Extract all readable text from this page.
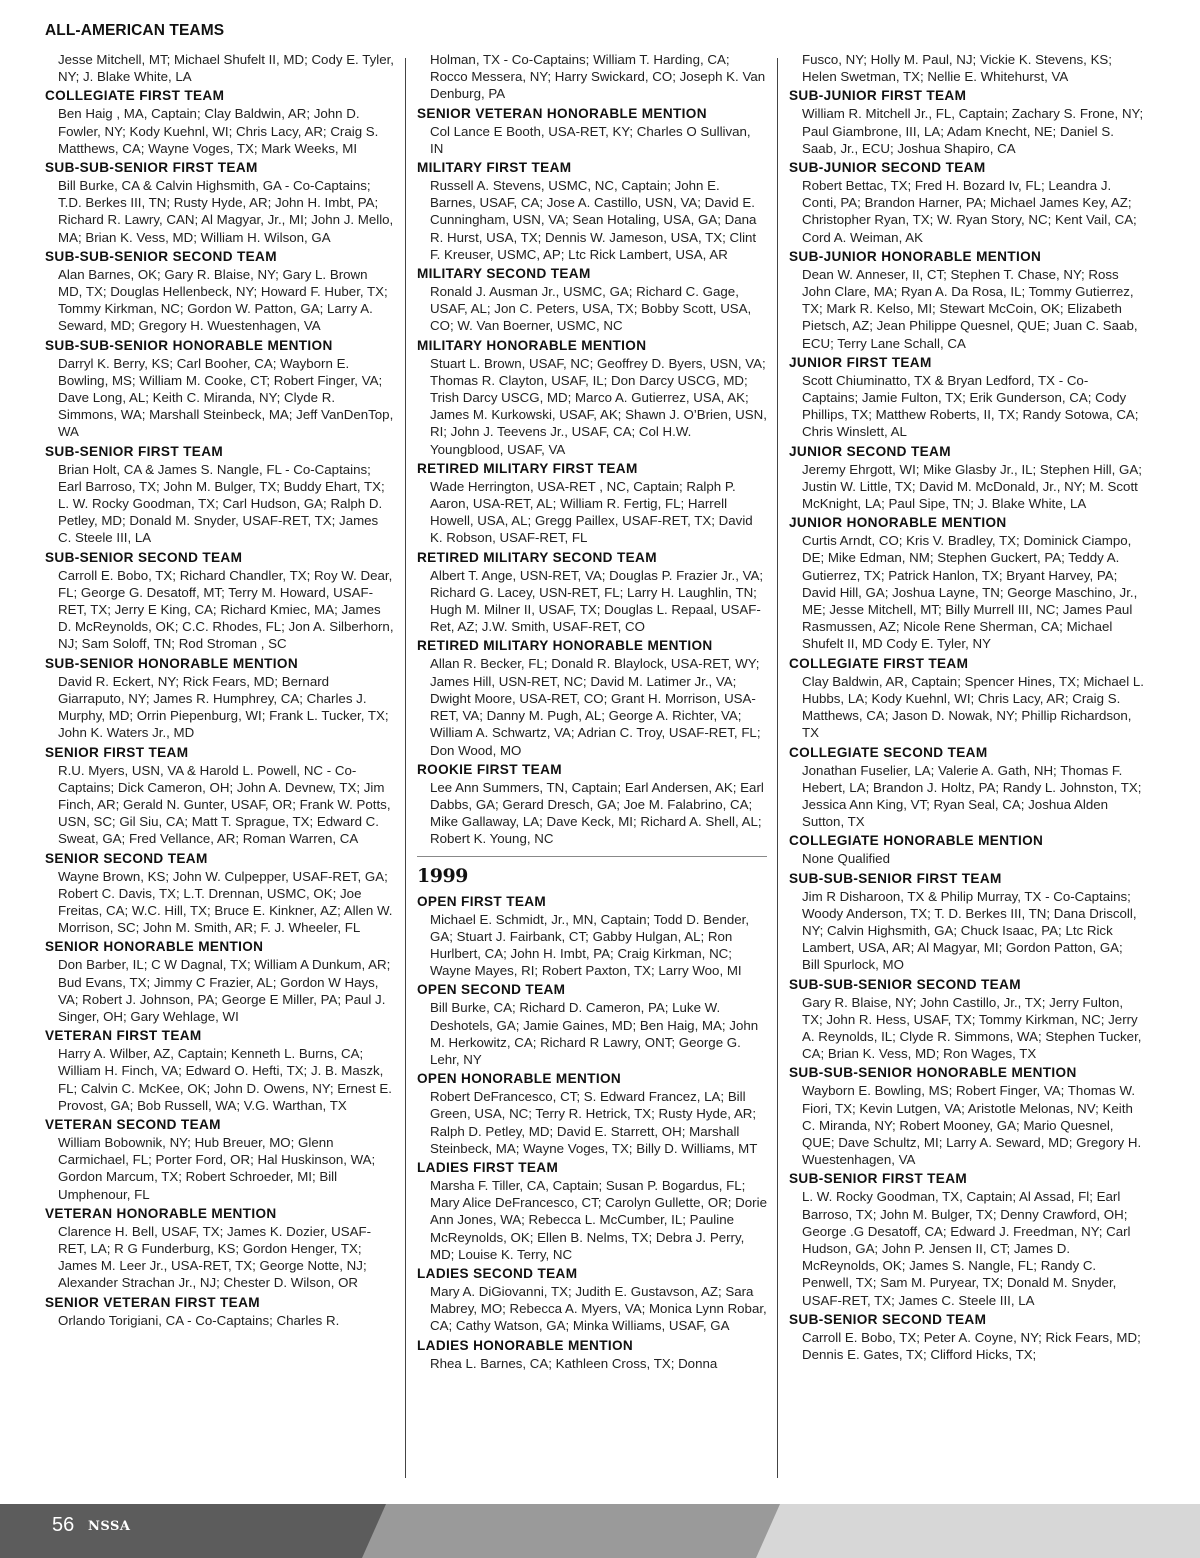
ALL-AMERICAN TEAMS
Jesse Mitchell, MT; Michael Shufelt II, MD; Cody E. Tyler, NY; J. Blake White, LA
COLLEGIATE FIRST TEAM
Ben Haig , MA, Captain; Clay Baldwin, AR; John D. Fowler, NY; Kody Kuehnl, WI; Chris Lacy, AR; Craig S. Matthews, CA; Wayne Voges, TX; Mark Weeks, MI
SUB-SUB-SENIOR FIRST TEAM
Bill Burke, CA & Calvin Highsmith, GA - Co-Captains; T.D. Berkes III, TN; Rusty Hyde, AR; John H. Imbt, PA; Richard R. Lawry, CAN; Al Magyar, Jr., MI; John J. Mello, MA; Brian K. Vess, MD; William H. Wilson, GA
SUB-SUB-SENIOR SECOND TEAM
Alan Barnes, OK; Gary R. Blaise, NY; Gary L. Brown MD, TX; Douglas Hellenbeck, NY; Howard F. Huber, TX; Tommy Kirkman, NC; Gordon W. Patton, GA; Larry A. Seward, MD; Gregory H. Wuestenhagen, VA
SUB-SUB-SENIOR HONORABLE MENTION
Darryl K. Berry, KS; Carl Booher, CA; Wayborn E. Bowling, MS; William M. Cooke, CT; Robert Finger, VA; Dave Long, AL; Keith C. Miranda, NY; Clyde R. Simmons, WA; Marshall Steinbeck, MA; Jeff VanDenTop, WA
SUB-SENIOR FIRST TEAM
Brian Holt, CA & James S. Nangle, FL - Co-Captains; Earl Barroso, TX; John M. Bulger, TX; Buddy Ehart, TX; L. W. Rocky Goodman, TX; Carl Hudson, GA; Ralph D. Petley, MD; Donald M. Snyder, USAF-RET, TX; James C. Steele III, LA
SUB-SENIOR SECOND TEAM
Carroll E. Bobo, TX; Richard Chandler, TX; Roy W. Dear, FL; George G. Desatoff, MT; Terry M. Howard, USAF-RET, TX; Jerry E King, CA; Richard Kmiec, MA; James D. McReynolds, OK; C.C. Rhodes, FL; Jon A. Silberhorn, NJ; Sam Soloff, TN; Rod Stroman , SC
SUB-SENIOR HONORABLE MENTION
David R. Eckert, NY; Rick Fears, MD; Bernard Giarraputo, NY; James R. Humphrey, CA; Charles J. Murphy, MD; Orrin Piepenburg, WI; Frank L. Tucker, TX; John K. Waters Jr., MD
SENIOR FIRST TEAM
R.U. Myers, USN, VA & Harold L. Powell, NC - Co-Captains; Dick Cameron, OH; John A. Devnew, TX; Jim Finch, AR; Gerald N. Gunter, USAF, OR; Frank W. Potts, USN, SC; Gil Siu, CA; Matt T. Sprague, TX; Edward C. Sweat, GA; Fred Vellance, AR; Roman Warren, CA
SENIOR SECOND TEAM
Wayne Brown, KS; John W. Culpepper, USAF-RET, GA; Robert C. Davis, TX; L.T. Drennan, USMC, OK; Joe Freitas, CA; W.C. Hill, TX; Bruce E. Kinkner, AZ; Allen W. Morrison, SC; John M. Smith, AR; F. J. Wheeler, FL
SENIOR HONORABLE MENTION
Don Barber, IL; C W Dagnal, TX; William A Dunkum, AR; Bud Evans, TX; Jimmy C Frazier, AL; Gordon W Hays, VA; Robert J. Johnson, PA; George E Miller, PA; Paul J. Singer, OH; Gary Wehlage, WI
VETERAN FIRST TEAM
Harry A. Wilber, AZ, Captain; Kenneth L. Burns, CA; William H. Finch, VA; Edward O. Hefti, TX; J. B. Maszk, FL; Calvin C. McKee, OK; John D. Owens, NY; Ernest E. Provost, GA; Bob Russell, WA; V.G. Warthan, TX
VETERAN SECOND TEAM
William Bobownik, NY; Hub Breuer, MO; Glenn Carmichael, FL; Porter Ford, OR; Hal Huskinson, WA; Gordon Marcum, TX; Robert Schroeder, MI; Bill Umphenour, FL
VETERAN HONORABLE MENTION
Clarence H. Bell, USAF, TX; James K. Dozier, USAF-RET, LA; R G Funderburg, KS; Gordon Henger, TX; James M. Leer Jr., USA-RET, TX; George Notte, NJ; Alexander Strachan Jr., NJ; Chester D. Wilson, OR
SENIOR VETERAN FIRST TEAM
Orlando Torigiani, CA - Co-Captains; Charles R.
Holman, TX - Co-Captains; William T. Harding, CA; Rocco Messera, NY; Harry Swickard, CO; Joseph K. Van Denburg, PA
SENIOR VETERAN HONORABLE MENTION
Col Lance E Booth, USA-RET, KY; Charles O Sullivan, IN
MILITARY FIRST TEAM
Russell A. Stevens, USMC, NC, Captain; John E. Barnes, USAF, CA; Jose A. Castillo, USN, VA; David E. Cunningham, USN, VA; Sean Hotaling, USA, GA; Dana R. Hurst, USA, TX; Dennis W. Jameson, USA, TX; Clint F. Kreuser, USMC, AP; Ltc Rick Lambert, USA, AR
MILITARY SECOND TEAM
Ronald J. Ausman Jr., USMC, GA; Richard C. Gage, USAF, AL; Jon C. Peters, USA, TX; Bobby Scott, USA, CO; W. Van Boerner, USMC, NC
MILITARY HONORABLE MENTION
Stuart L. Brown, USAF, NC; Geoffrey D. Byers, USN, VA; Thomas R. Clayton, USAF, IL; Don Darcy USCG, MD; Trish Darcy USCG, MD; Marco A. Gutierrez, USA, AK; James M. Kurkowski, USAF, AK; Shawn J. O’Brien, USN, RI; John J. Teevens Jr., USAF, CA; Col H.W. Youngblood, USAF, VA
RETIRED MILITARY FIRST TEAM
Wade Herrington, USA-RET , NC, Captain; Ralph P. Aaron, USA-RET, AL; William R. Fertig, FL; Harrell Howell, USA, AL; Gregg Paillex, USAF-RET, TX; David K. Robson, USAF-RET, FL
RETIRED MILITARY SECOND TEAM
Albert T. Ange, USN-RET, VA; Douglas P. Frazier Jr., VA; Richard G. Lacey, USN-RET, FL; Larry H. Laughlin, TN; Hugh M. Milner II, USAF, TX; Douglas L. Repaal, USAF- Ret, AZ; J.W. Smith, USAF-RET, CO
RETIRED MILITARY HONORABLE MENTION
Allan R. Becker, FL; Donald R. Blaylock, USA-RET, WY; James Hill, USN-RET, NC; David M. Latimer Jr., VA; Dwight Moore, USA-RET, CO; Grant H. Morrison, USA-RET, VA; Danny M. Pugh, AL; George A. Richter, VA; William A. Schwartz, VA; Adrian C. Troy, USAF-RET, FL; Don Wood, MO
ROOKIE FIRST TEAM
Lee Ann Summers, TN, Captain; Earl Andersen, AK; Earl Dabbs, GA; Gerard Dresch, GA; Joe M. Falabrino, CA; Mike Gallaway, LA; Dave Keck, MI; Richard A. Shell, AL; Robert K. Young, NC
1999
OPEN FIRST TEAM
Michael E. Schmidt, Jr., MN, Captain; Todd D. Bender, GA; Stuart J. Fairbank, CT; Gabby Hulgan, AL; Ron Hurlbert, CA; John H. Imbt, PA; Craig Kirkman, NC; Wayne Mayes, RI; Robert Paxton, TX; Larry Woo, MI
OPEN SECOND TEAM
Bill Burke, CA; Richard D. Cameron, PA; Luke W. Deshotels, GA; Jamie Gaines, MD; Ben Haig, MA; John M. Herkowitz, CA; Richard R Lawry, ONT; George G. Lehr, NY
OPEN HONORABLE MENTION
Robert DeFrancesco, CT; S. Edward Francez, LA; Bill Green, USA, NC; Terry R. Hetrick, TX; Rusty Hyde, AR; Ralph D. Petley, MD; David E. Starrett, OH; Marshall Steinbeck, MA; Wayne Voges, TX; Billy D. Williams, MT
LADIES FIRST TEAM
Marsha F. Tiller, CA, Captain; Susan P. Bogardus, FL; Mary Alice DeFrancesco, CT; Carolyn Gullette, OR; Dorie Ann Jones, WA; Rebecca L. McCumber, IL; Pauline McReynolds, OK; Ellen B. Nelms, TX; Debra J. Perry, MD; Louise K. Terry, NC
LADIES SECOND TEAM
Mary A. DiGiovanni, TX; Judith E. Gustavson, AZ; Sara Mabrey, MO; Rebecca A. Myers, VA; Monica Lynn Robar, CA; Cathy Watson, GA; Minka Williams, USAF, GA
LADIES HONORABLE MENTION
Rhea L. Barnes, CA; Kathleen Cross, TX; Donna
Fusco, NY; Holly M. Paul, NJ; Vickie K. Stevens, KS; Helen Swetman, TX; Nellie E. Whitehurst, VA
SUB-JUNIOR FIRST TEAM
William R. Mitchell Jr., FL, Captain; Zachary S. Frone, NY; Paul Giambrone, III, LA; Adam Knecht, NE; Daniel S. Saab, Jr., ECU; Joshua Shapiro, CA
SUB-JUNIOR SECOND TEAM
Robert Bettac, TX; Fred H. Bozard Iv, FL; Leandra J. Conti, PA; Brandon Harner, PA; Michael James Key, AZ; Christopher Ryan, TX; W. Ryan Story, NC; Kent Vail, CA; Cord A. Weiman, AK
SUB-JUNIOR HONORABLE MENTION
Dean W. Anneser, II, CT; Stephen T. Chase, NY; Ross John Clare, MA; Ryan A. Da Rosa, IL; Tommy Gutierrez, TX; Mark R. Kelso, MI; Stewart McCoin, OK; Elizabeth Pietsch, AZ; Jean Philippe Quesnel, QUE; Juan C. Saab, ECU; Terry Lane Schall, CA
JUNIOR FIRST TEAM
Scott Chiuminatto, TX & Bryan Ledford, TX - Co-Captains; Jamie Fulton, TX; Erik Gunderson, CA; Cody Phillips, TX; Matthew Roberts, II, TX; Randy Sotowa, CA; Chris Winslett, AL
JUNIOR SECOND TEAM
Jeremy Ehrgott, WI; Mike Glasby Jr., IL; Stephen Hill, GA; Justin W. Little, TX; David M. McDonald, Jr., NY; M. Scott McKnight, LA; Paul Sipe, TN; J. Blake White, LA
JUNIOR HONORABLE MENTION
Curtis Arndt, CO; Kris V. Bradley, TX; Dominick Ciampo, DE; Mike Edman, NM; Stephen Guckert, PA; Teddy A. Gutierrez, TX; Patrick Hanlon, TX; Bryant Harvey, PA; David Hill, GA; Joshua Layne, TN; George Maschino, Jr., ME; Jesse Mitchell, MT; Billy Murrell III, NC; James Paul Rasmussen, AZ; Nicole Rene Sherman, CA; Michael Shufelt II, MD Cody E. Tyler, NY
COLLEGIATE FIRST TEAM
Clay Baldwin, AR, Captain; Spencer Hines, TX; Michael L. Hubbs, LA; Kody Kuehnl, WI; Chris Lacy, AR; Craig S. Matthews, CA; Jason D. Nowak, NY; Phillip Richardson, TX
COLLEGIATE SECOND TEAM
Jonathan Fuselier, LA; Valerie A. Gath, NH; Thomas F. Hebert, LA; Brandon J. Holtz, PA; Randy L. Johnston, TX; Jessica Ann King, VT; Ryan Seal, CA; Joshua Alden Sutton, TX
COLLEGIATE HONORABLE MENTION
None Qualified
SUB-SUB-SENIOR FIRST TEAM
Jim R Disharoon, TX & Philip Murray, TX - Co-Captains; Woody Anderson, TX; T. D. Berkes III, TN; Dana Driscoll, NY; Calvin Highsmith, GA; Chuck Isaac, PA; Ltc Rick Lambert, USA, AR; Al Magyar, MI; Gordon Patton, GA; Bill Spurlock, MO
SUB-SUB-SENIOR SECOND TEAM
Gary R. Blaise, NY; John Castillo, Jr., TX; Jerry Fulton, TX; John R. Hess, USAF, TX; Tommy Kirkman, NC; Jerry A. Reynolds, IL; Clyde R. Simmons, WA; Stephen Tucker, CA; Brian K. Vess, MD; Ron Wages, TX
SUB-SUB-SENIOR HONORABLE MENTION
Wayborn E. Bowling, MS; Robert Finger, VA; Thomas W. Fiori, TX; Kevin Lutgen, VA; Aristotle Melonas, NV; Keith C. Miranda, NY; Robert Mooney, GA; Mario Quesnel, QUE; Dave Schultz, MI; Larry A. Seward, MD; Gregory H. Wuestenhagen, VA
SUB-SENIOR FIRST TEAM
L. W. Rocky Goodman, TX, Captain; Al Assad, Fl; Earl Barroso, TX; John M. Bulger, TX; Denny Crawford, OH; George .G Desatoff, CA; Edward J. Freedman, NY; Carl Hudson, GA; John P. Jensen II, CT; James D. McReynolds, OK; James S. Nangle, FL; Randy C. Penwell, TX; Sam M. Puryear, TX; Donald M. Snyder, USAF-RET, TX; James C. Steele III, LA
SUB-SENIOR SECOND TEAM
Carroll E. Bobo, TX; Peter A. Coyne, NY; Rick Fears, MD; Dennis E. Gates, TX; Clifford Hicks, TX;
56 NSSA
